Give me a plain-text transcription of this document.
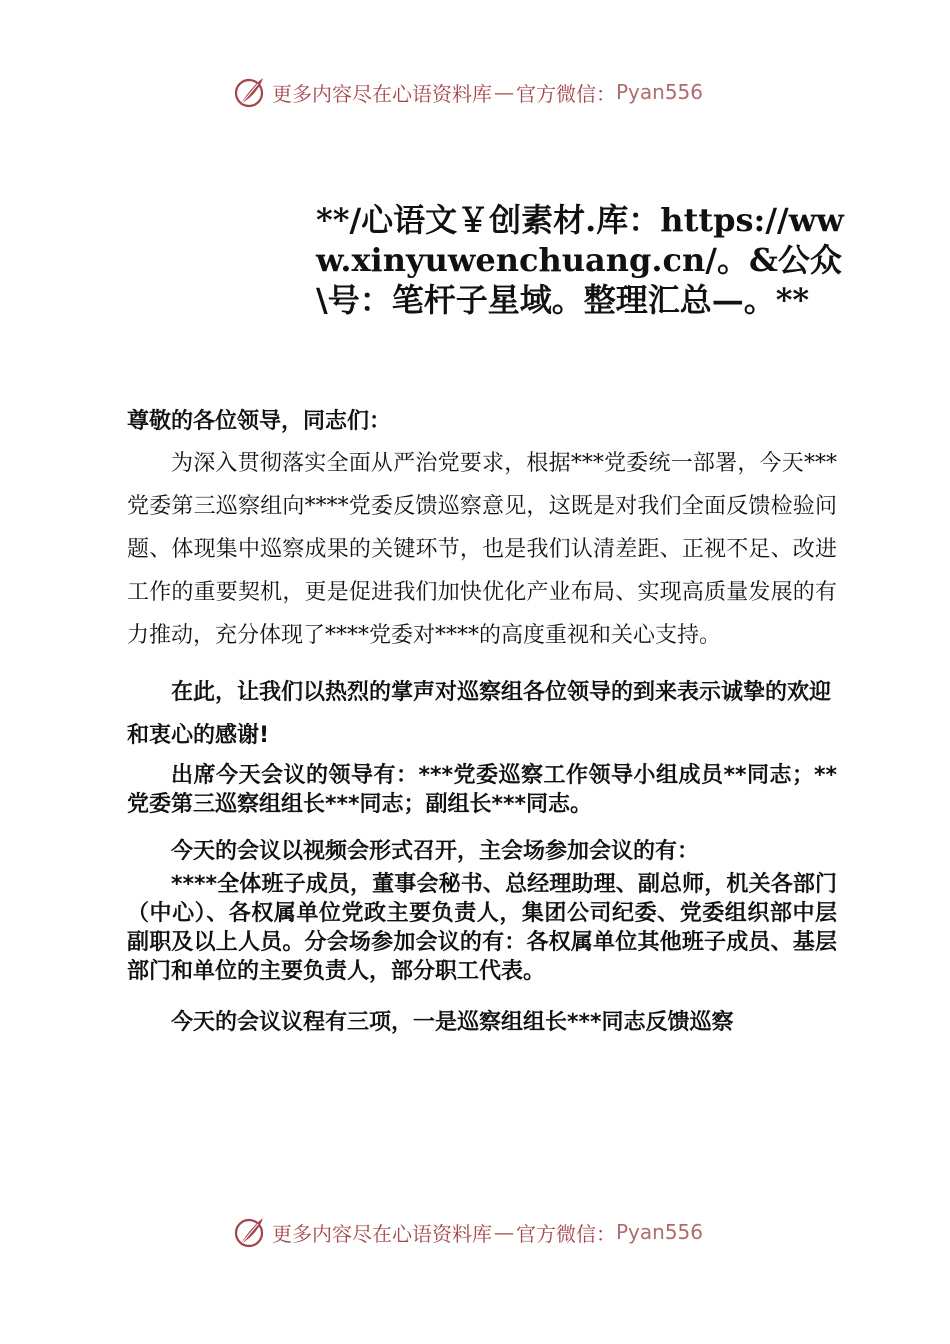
更多内容尽在心语资料库 — 官方微信： Pyan556
**/心语文￥创素材.库：https://www.xinyuwenchuang.cn/。&公众\号：笔杆子星域。整理汇总—。**

尊敬的各位领导，同志们：

为深入贯彻落实全面从严治党要求，根据***党委统一部署，今天***党委第三巡察组向****党委反馈巡察意见，这既是对我们全面反馈检验问题、体现集中巡察成果的关键环节，也是我们认清差距、正视不足、改进工作的重要契机，更是促进我们加快优化产业布局、实现高质量发展的有力推动，充分体现了****党委对****的高度重视和关心支持。

在此，让我们以热烈的掌声对巡察组各位领导的到来表示诚挚的欢迎和衷心的感谢!

出席今天会议的领导有：***党委巡察工作领导小组成员**同志；**党委第三巡察组组长***同志；副组长***同志。

今天的会议以视频会形式召开，主会场参加会议的有：

****全体班子成员，董事会秘书、总经理助理、副总师，机关各部门（中心）、各权属单位党政主要负责人，集团公司纪委、党委组织部中层副职及以上人员。分会场参加会议的有：各权属单位其他班子成员、基层部门和单位的主要负责人，部分职工代表。

今天的会议议程有三项，一是巡察组组长***同志反馈巡察

更多内容尽在心语资料库 — 官方微信： Pyan556
